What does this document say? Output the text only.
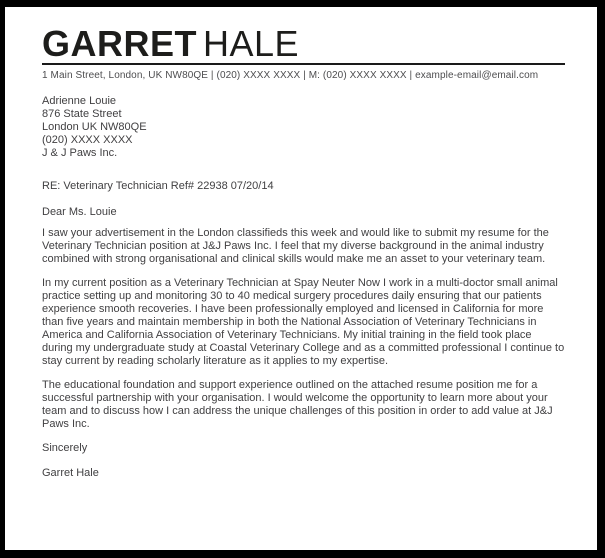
GARRET HALE
1 Main Street, London, UK NW80QE | (020) XXXX XXXX | M: (020) XXXX XXXX | example-email@email.com
Adrienne Louie
876 State Street
London UK NW80QE
(020) XXXX XXXX
J & J Paws Inc.
RE: Veterinary Technician Ref# 22938 07/20/14
Dear Ms. Louie

I saw your advertisement in the London classifieds this week and would like to submit my resume for the Veterinary Technician position at J&J Paws Inc. I feel that my diverse background in the animal industry combined with strong organisational and clinical skills would make me an asset to your veterinary team.

In my current position as a Veterinary Technician at Spay Neuter Now I work in a multi-doctor small animal practice setting up and monitoring 30 to 40 medical surgery procedures daily ensuring that our patients experience smooth recoveries. I have been professionally employed and licensed in California for more than five years and maintain membership in both the National Association of Veterinary Technicians in America and California Association of Veterinary Technicians. My initial training in the field took place during my undergraduate study at Coastal Veterinary College and as a committed professional I continue to stay current by reading scholarly literature as it applies to my expertise.

The educational foundation and support experience outlined on the attached resume position me for a successful partnership with your organisation. I would welcome the opportunity to learn more about your team and to discuss how I can address the unique challenges of this position in order to add value at J&J Paws Inc.

Sincerely
Garret Hale
